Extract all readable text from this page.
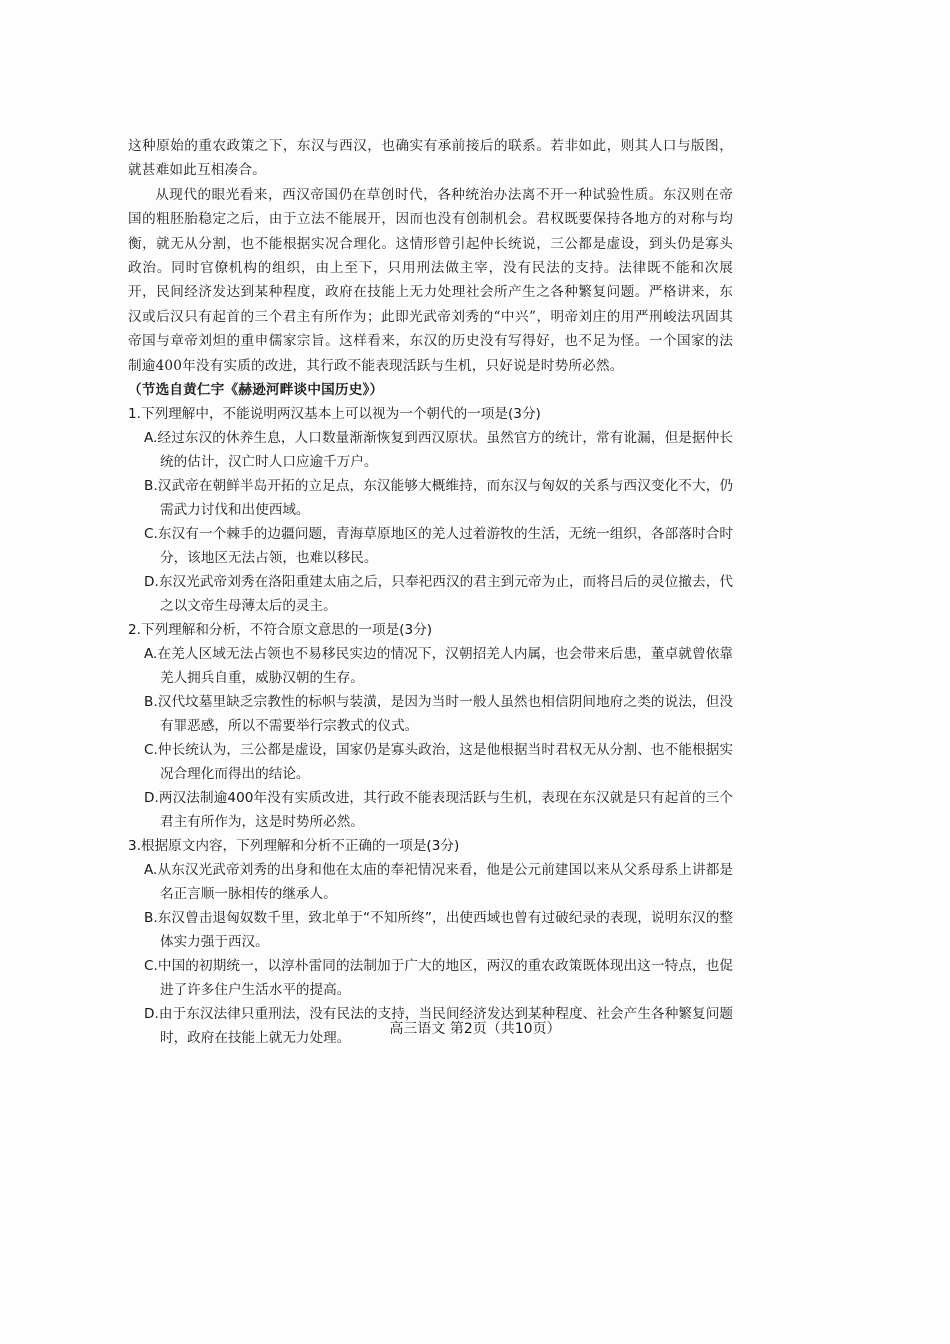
这种原始的重农政策之下，东汉与西汉，也确实有承前接后的联系。若非如此，则其人口与版图，就甚难如此互相凑合。

从现代的眼光看来，西汉帝国仍在草创时代，各种统治办法离不开一种试验性质。东汉则在帝国的粗胚胎稳定之后，由于立法不能展开，因而也没有创制机会。君权既要保持各地方的对称与均衡，就无从分割，也不能根据实况合理化。这情形曾引起仲长统说，三公都是虚设，到头仍是寡头政治。同时官僚机构的组织，由上至下，只用刑法做主宰，没有民法的支持。法律既不能和次展开，民间经济发达到某种程度，政府在技能上无力处理社会所产生之各种繁复问题。严格讲来，东汉或后汉只有起首的三个君主有所作为；此即光武帝刘秀的“中兴”，明帝刘庄的用严刑峻法巩固其帝国与章帝刘炟的重申儒家宗旨。这样看来，东汉的历史没有写得好，也不足为怪。一个国家的法制逾400年没有实质的改进，其行政不能表现活跃与生机，只好说是时势所必然。

（节选自黄仁宇《赫逊河畔谈中国历史》）

1.下列理解中，不能说明两汉基本上可以视为一个朝代的一项是(3分)

A.经过东汉的休养生息，人口数量渐渐恢复到西汉原状。虽然官方的统计，常有讹漏，但是据仲长统的估计，汉亡时人口应逾千万户。

B.汉武帝在朝鲜半岛开拓的立足点，东汉能够大概维持，而东汉与匈奴的关系与西汉变化不大，仍需武力讨伐和出使西域。

C.东汉有一个棘手的边疆问题，青海草原地区的羌人过着游牧的生活，无统一组织，各部落时合时分，该地区无法占领，也难以移民。

D.东汉光武帝刘秀在洛阳重建太庙之后，只奉祀西汉的君主到元帝为止，而将吕后的灵位撤去，代之以文帝生母薄太后的灵主。

2.下列理解和分析，不符合原文意思的一项是(3分)

A.在羌人区域无法占领也不易移民实边的情况下，汉朝招羌人内属，也会带来后患，董卓就曾依靠羌人拥兵自重，威胁汉朝的生存。

B.汉代坟墓里缺乏宗教性的标帜与装潢，是因为当时一般人虽然也相信阴间地府之类的说法，但没有罪恶感，所以不需要举行宗教式的仪式。

C.仲长统认为，三公都是虚设，国家仍是寡头政治，这是他根据当时君权无从分割、也不能根据实况合理化而得出的结论。

D.两汉法制逾400年没有实质改进，其行政不能表现活跃与生机，表现在东汉就是只有起首的三个君主有所作为，这是时势所必然。

3.根据原文内容，下列理解和分析不正确的一项是(3分)

A.从东汉光武帝刘秀的出身和他在太庙的奉祀情况来看，他是公元前建国以来从父系母系上讲都是名正言顺一脉相传的继承人。

B.东汉曾击退匈奴数千里，致北单于“不知所终”，出使西域也曾有过破纪录的表现，说明东汉的整体实力强于西汉。

C.中国的初期统一，以淳朴雷同的法制加于广大的地区，两汉的重农政策既体现出这一特点，也促进了许多住户生活水平的提高。

D.由于东汉法律只重刑法，没有民法的支持，当民间经济发达到某种程度、社会产生各种繁复问题时，政府在技能上就无力处理。

高三语文 第2页（共10页）
